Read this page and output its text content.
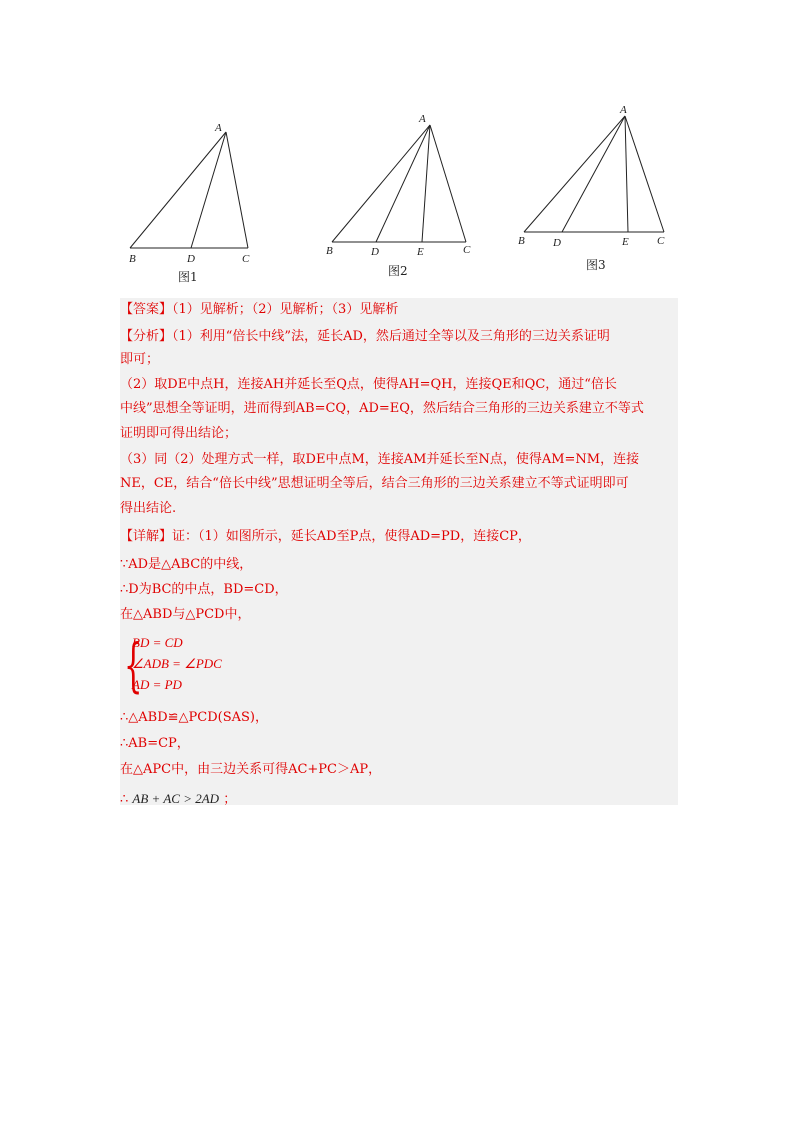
A
B	D	C
图1
A
B	D	E	C
图2
A
B	D	E	C
图3
【答案】（1）见解析；（2）见解析；（3）见解析
【分析】（1）利用“倍长中线”法，延长AD，然后通过全等以及三角形的三边关系证明
即可；
（2）取DE中点H，连接AH并延长至Q点，使得AH=QH，连接QE和QC，通过“倍长
中线”思想全等证明，进而得到AB=CQ，AD=EQ，然后结合三角形的三边关系建立不等式
证明即可得出结论；
（3）同（2）处理方式一样，取DE中点M，连接AM并延长至N点，使得AM=NM，连接
NE，CE，结合“倍长中线”思想证明全等后，结合三角形的三边关系建立不等式证明即可
得出结论.
【详解】证：（1）如图所示，延长AD至P点，使得AD=PD，连接CP，
∵AD是△ABC的中线，
∴D为BC的中点，BD=CD，
在△ABD与△PCD中，
{
BD = CD
∠ADB = ∠PDC
AD = PD
∴△ABD≌△PCD(SAS)，
∴AB=CP，
在△APC中，由三边关系可得AC+PC＞AP，
∴ AB + AC > 2AD ；
